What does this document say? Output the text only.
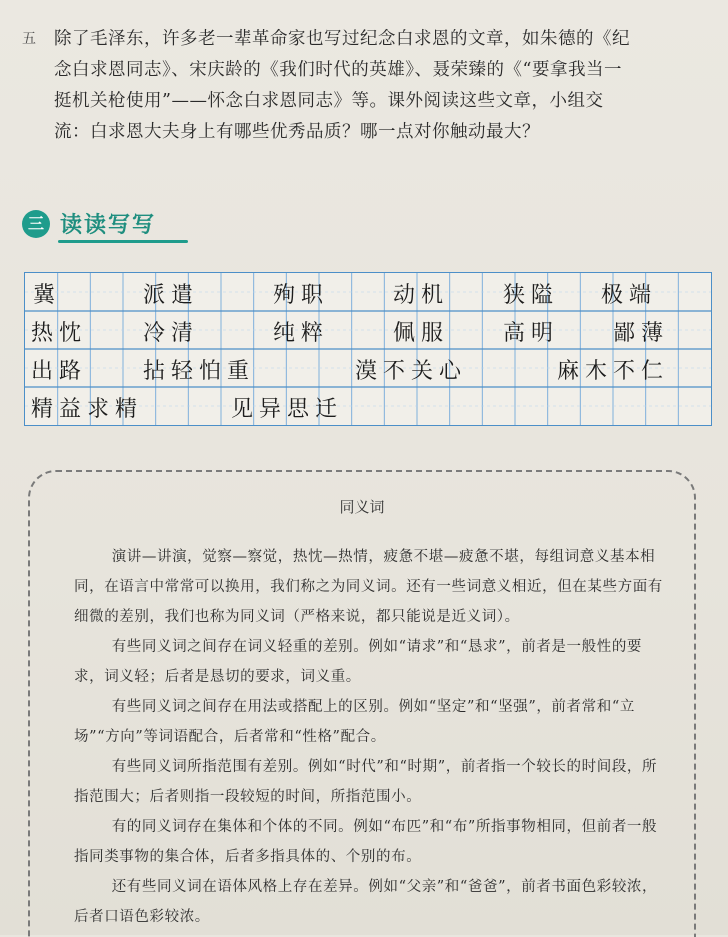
五 除了毛泽东，许多老一辈革命家也写过纪念白求恩的文章，如朱德的《纪

念白求恩同志》、宋庆龄的《我们时代的英雄》、聂荣臻的《“要拿我当一

挺机关枪使用”——怀念白求恩同志》等。课外阅读这些文章，小组交

流：白求恩大夫身上有哪些优秀品质？哪一点对你触动最大？

三 读读写写
冀	派遣	殉职	动机 狭隘 极端
热忱	冷清	纯粹	佩服 高明 鄙薄
出路	拈轻怕重	漠不关心	麻木不仁
精益求精	见异思迁
同义词

演讲—讲演，觉察—察觉，热忱—热情，疲惫不堪—疲惫不堪，每组词意义基本相同，在语言中常常可以换用，我们称之为同义词。还有一些词意义相近，但在某些方面有细微的差别，我们也称为同义词（严格来说，都只能说是近义词）。

有些同义词之间存在词义轻重的差别。例如“请求”和“恳求”，前者是一般性的要求，词义轻；后者是恳切的要求，词义重。

有些同义词之间存在用法或搭配上的区别。例如“坚定”和“坚强”，前者常和“立场”“方向”等词语配合，后者常和“性格”配合。

有些同义词所指范围有差别。例如“时代”和“时期”，前者指一个较长的时间段，所指范围大；后者则指一段较短的时间，所指范围小。

有的同义词存在集体和个体的不同。例如“布匹”和“布”所指事物相同，但前者一般指同类事物的集合体，后者多指具体的、个别的布。

还有些同义词在语体风格上存在差异。例如“父亲”和“爸爸”，前者书面色彩较浓，后者口语色彩较浓。
